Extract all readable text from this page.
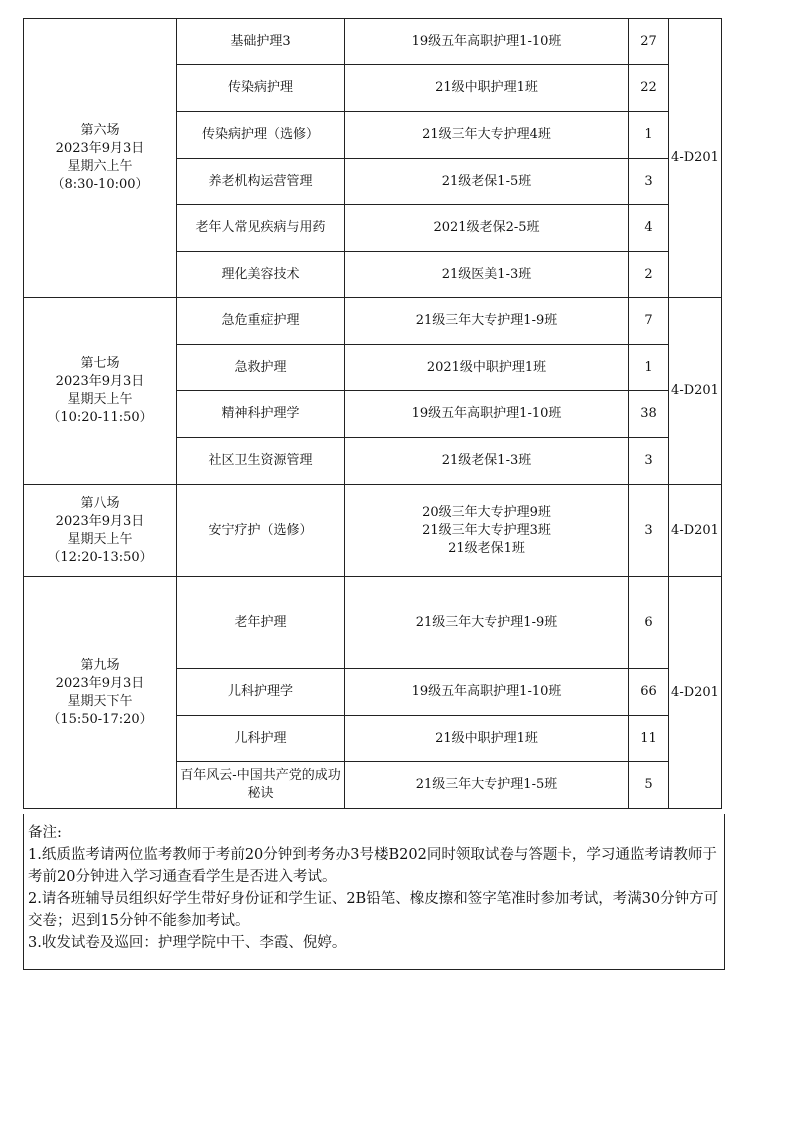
第六场
2023年9月3日
星期六上午
（8:30-10:00）	基础护理3	19级五年高职护理1-10班	27	4-D201
	传染病护理	21级中职护理1班	22	
	传染病护理（选修）	21级三年大专护理4班	1	
	养老机构运营管理	21级老保1-5班	3	
	老年人常见疾病与用药	2021级老保2-5班	4	
	理化美容技术	21级医美1-3班	2	

第七场
2023年9月3日
星期天上午
（10:20-11:50）	急危重症护理	21级三年大专护理1-9班	7	4-D201
	急救护理	2021级中职护理1班	1	
	精神科护理学	19级五年高职护理1-10班	38	
	社区卫生资源管理	21级老保1-3班	3	

第八场
2023年9月3日
星期天上午
（12:20-13:50）	安宁疗护（选修）	20级三年大专护理9班
21级三年大专护理3班
21级老保1班	3	4-D201

第九场
2023年9月3日
星期天下午
（15:50-17:20）	老年护理	21级三年大专护理1-9班	6	4-D201
	儿科护理学	19级五年高职护理1-10班	66	
	儿科护理	21级中职护理1班	11	
	百年风云-中国共产党的成功秘诀	21级三年大专护理1-5班	5	
备注:
1.纸质监考请两位监考教师于考前20分钟到考务办3号楼B202同时领取试卷与答题卡，学习通监考请教师于考前20分钟进入学习通查看学生是否进入考试。
2.请各班辅导员组织好学生带好身份证和学生证、2B铅笔、橡皮擦和签字笔准时参加考试，考满30分钟方可交卷；迟到15分钟不能参加考试。
3.收发试卷及巡回：护理学院中干、李霞、倪婷。
